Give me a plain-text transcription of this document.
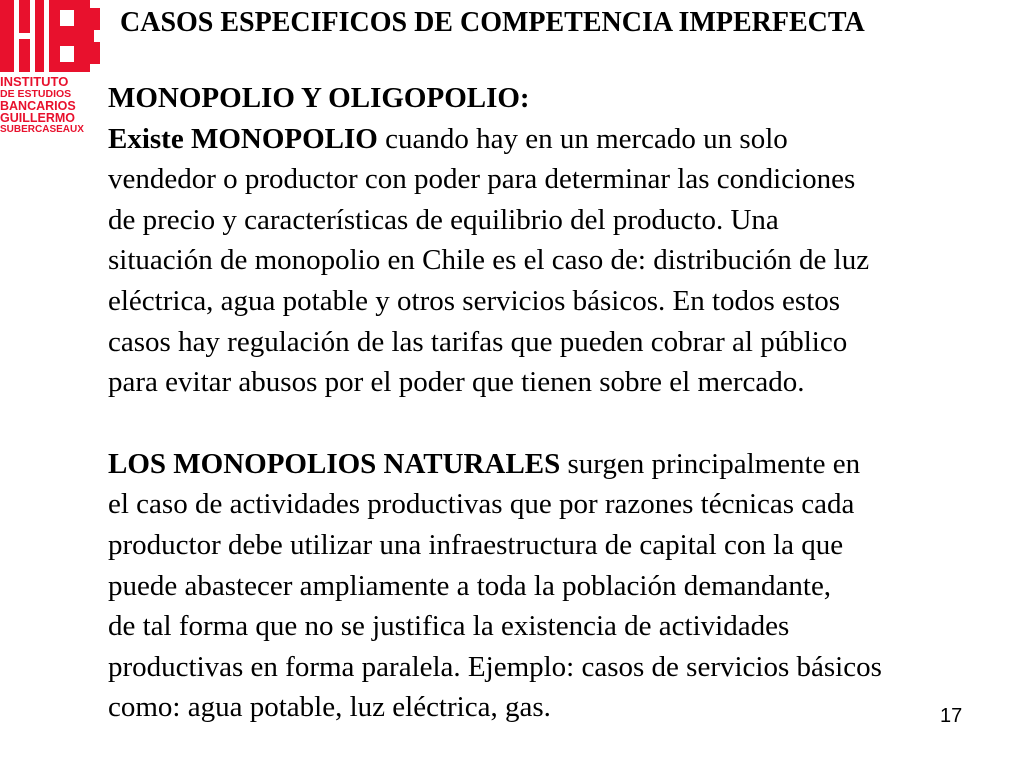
INSTITUTO
DE ESTUDIOS
BANCARIOS
GUILLERMO
SUBERCASEAUX
CASOS ESPECIFICOS DE COMPETENCIA IMPERFECTA
MONOPOLIO Y OLIGOPOLIO:
Existe MONOPOLIO cuando hay en un mercado un solo
vendedor o productor con poder para determinar las condiciones
de precio y características de equilibrio del producto. Una
situación de monopolio en Chile es el caso de: distribución de luz
eléctrica, agua potable y otros servicios básicos. En todos estos
casos hay regulación de las tarifas que pueden cobrar al público
para evitar abusos por el poder que tienen sobre el mercado.
LOS MONOPOLIOS NATURALES surgen principalmente en
el caso de actividades productivas que por razones técnicas cada
productor debe utilizar una infraestructura de capital con la que
puede abastecer ampliamente a toda la población demandante,
de tal forma que no se justifica la existencia de actividades
productivas en forma paralela. Ejemplo: casos de servicios básicos
como: agua potable, luz eléctrica, gas.	17
